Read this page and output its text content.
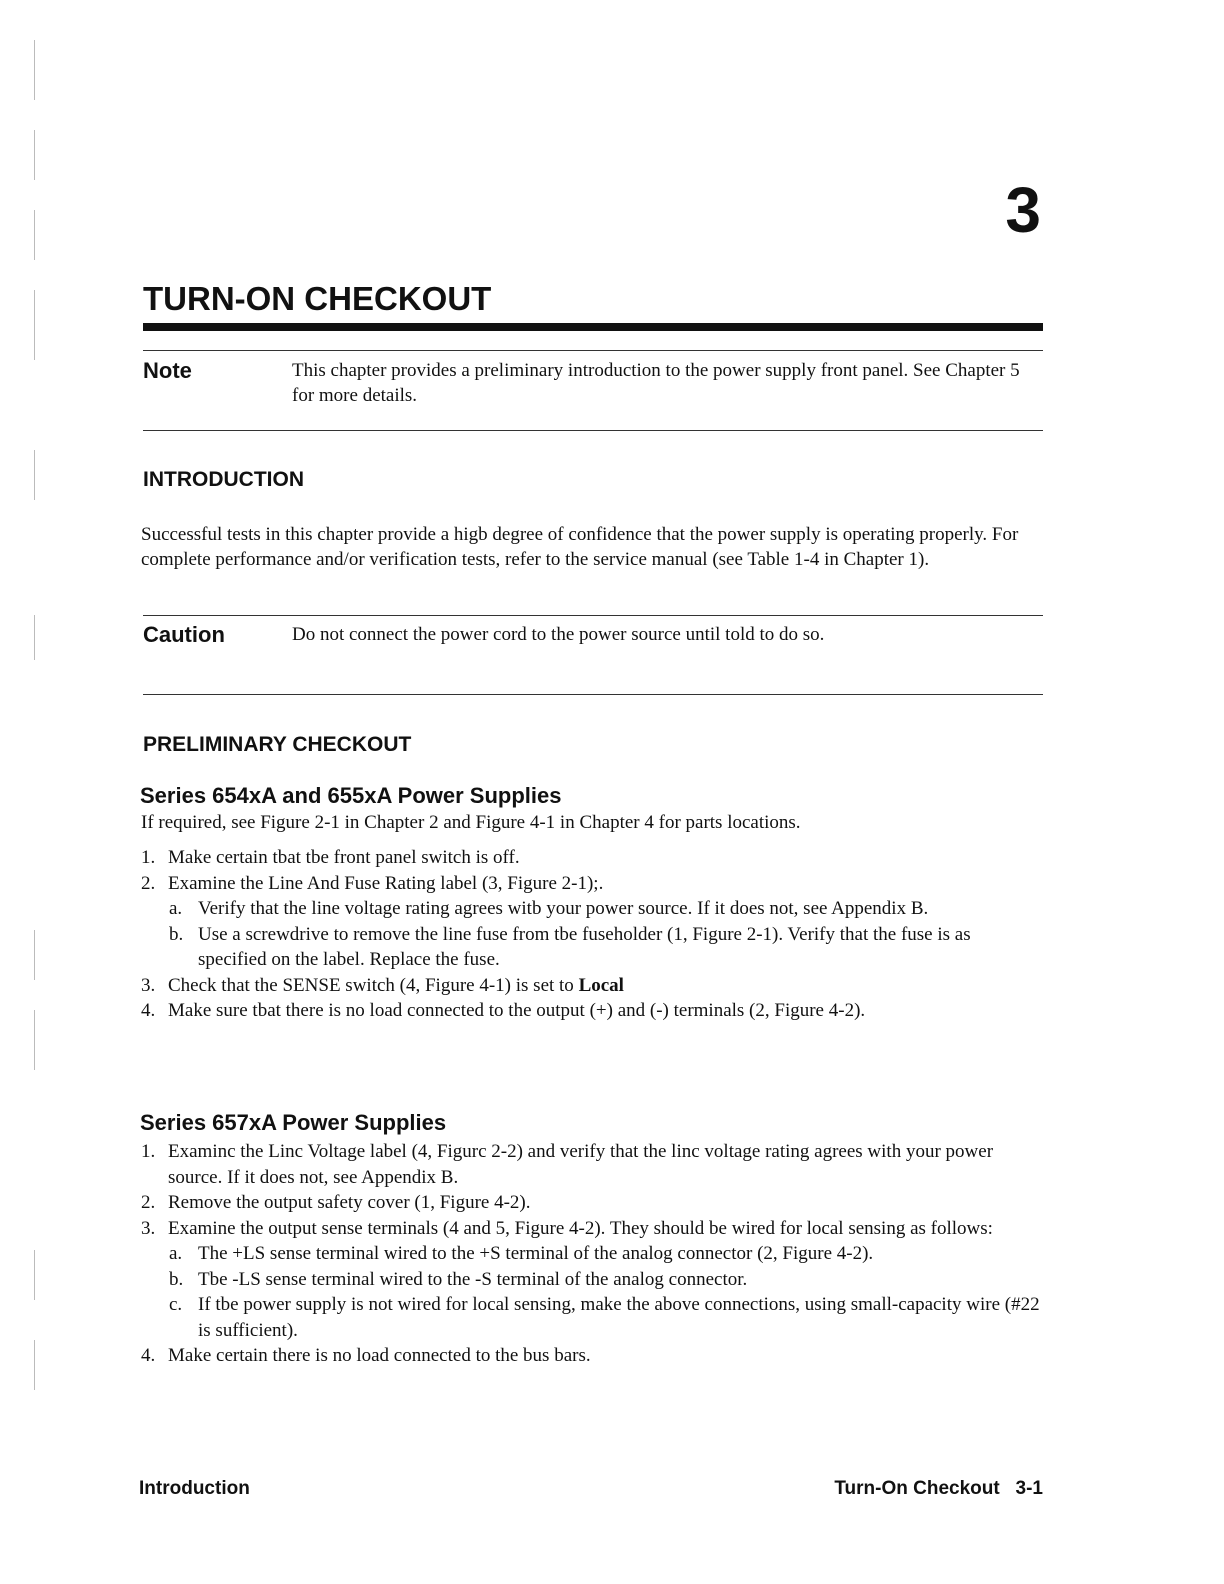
3
TURN-ON CHECKOUT
Note	This chapter provides a preliminary introduction to the power supply front panel. See Chapter 5 for more details.
INTRODUCTION
Successful tests in this chapter provide a higb degree of confidence that the power supply is operating properly. For complete performance and/or verification tests, refer to the service manual (see Table 1-4 in Chapter 1).
Caution	Do not connect the power cord to the power source until told to do so.
PRELIMINARY CHECKOUT
Series 654xA and 655xA Power Supplies
If required, see Figure 2-1 in Chapter 2 and Figure 4-1 in Chapter 4 for parts locations.
1. Make certain tbat tbe front panel switch is off.
2. Examine the Line And Fuse Rating label (3, Figure 2-1);.
a. Verify that the line voltage rating agrees witb your power source. If it does not, see Appendix B.
b. Use a screwdrive to remove the line fuse from tbe fuseholder (1, Figure 2-1). Verify that the fuse is as specified on the label. Replace the fuse.
3. Check that the SENSE switch (4, Figure 4-1) is set to Local
4. Make sure tbat there is no load connected to the output (+) and (-) terminals (2, Figure 4-2).
Series 657xA Power Supplies
1. Examinc the Linc Voltage label (4, Figurc 2-2) and verify that the linc voltage rating agrees with your power source. If it does not, see Appendix B.
2. Remove the output safety cover (1, Figure 4-2).
3. Examine the output sense terminals (4 and 5, Figure 4-2). They should be wired for local sensing as follows:
a. The +LS sense terminal wired to the +S terminal of the analog connector (2, Figure 4-2).
b. Tbe -LS sense terminal wired to the -S terminal of the analog connector.
c. If tbe power supply is not wired for local sensing, make the above connections, using small-capacity wire (#22 is sufficient).
4. Make certain there is no load connected to the bus bars.
Introduction	Turn-On Checkout   3-1
